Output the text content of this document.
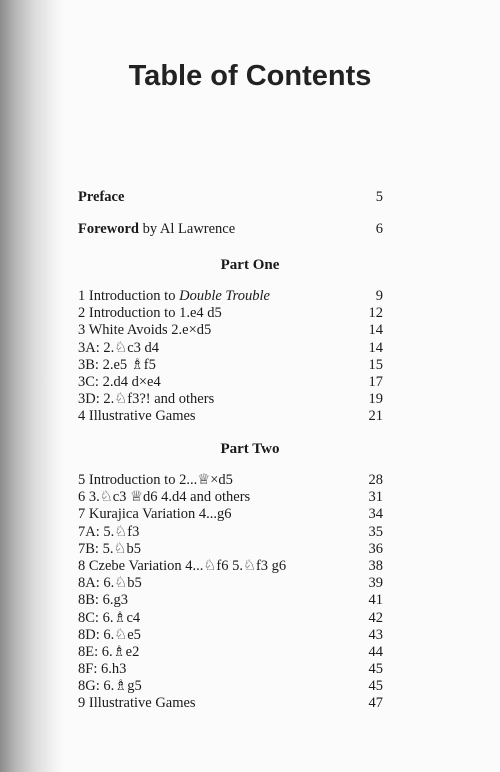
Table of Contents
Preface	5
Foreword by Al Lawrence	6
Part One
1 Introduction to Double Trouble	9
2 Introduction to 1.e4 d5	12
3 White Avoids 2.e×d5	14
3A: 2.♘c3 d4	14
3B: 2.e5 ♗f5	15
3C: 2.d4 d×e4	17
3D: 2.♘f3?! and others	19
4 Illustrative Games	21
Part Two
5 Introduction to 2...♕×d5	28
6 3.♘c3 ♕d6 4.d4 and others	31
7 Kurajica Variation 4...g6	34
7A: 5.♘f3	35
7B: 5.♘b5	36
8 Czebe Variation 4...♘f6 5.♘f3 g6	38
8A: 6.♘b5	39
8B: 6.g3	41
8C: 6.♗c4	42
8D: 6.♘e5	43
8E: 6.♗e2	44
8F: 6.h3	45
8G: 6.♗g5	45
9 Illustrative Games	47
